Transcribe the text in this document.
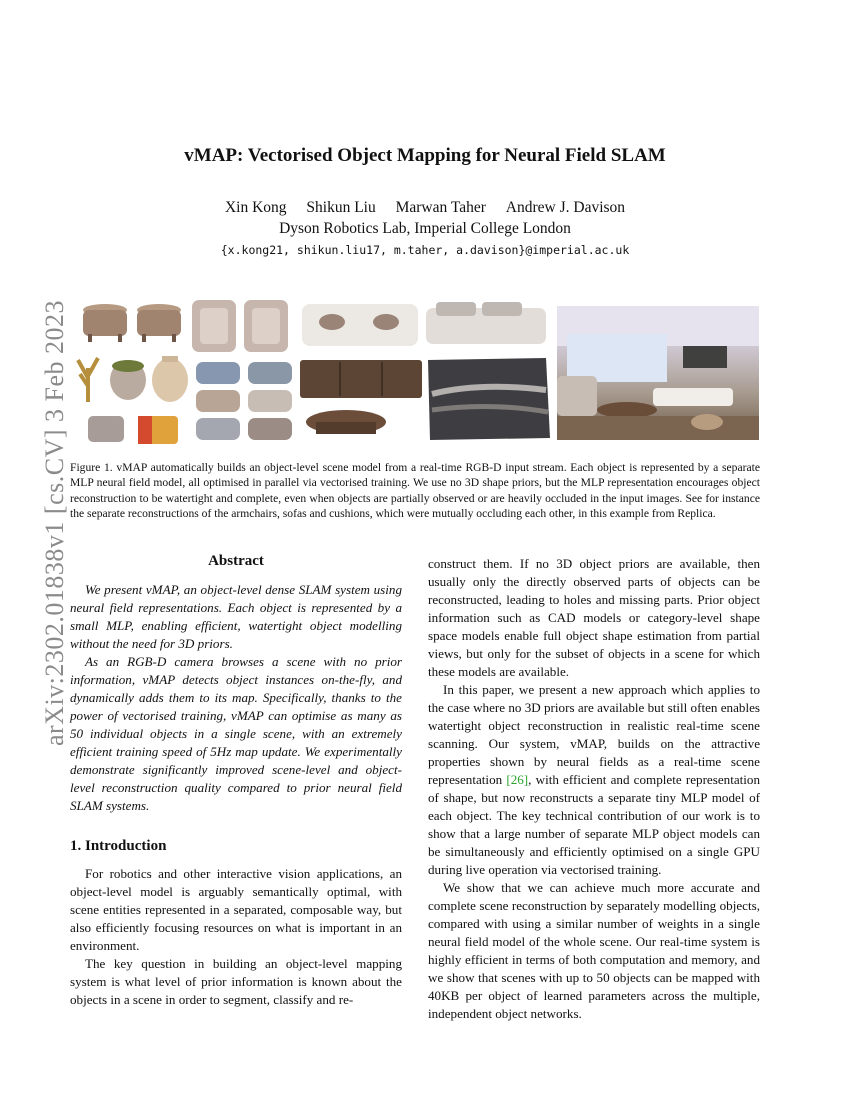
arXiv:2302.01838v1 [cs.CV] 3 Feb 2023
vMAP: Vectorised Object Mapping for Neural Field SLAM
Xin Kong Shikun Liu Marwan Taher Andrew J. Davison
Dyson Robotics Lab, Imperial College London
{x.kong21, shikun.liu17, m.taher, a.davison}@imperial.ac.uk

Figure 1. vMAP automatically builds an object-level scene model from a real-time RGB-D input stream. Each object is represented by a separate MLP neural field model, all optimised in parallel via vectorised training. We use no 3D shape priors, but the MLP representation encourages object reconstruction to be watertight and complete, even when objects are partially observed or are heavily occluded in the input images. See for instance the separate reconstructions of the armchairs, sofas and cushions, which were mutually occluding each other, in this example from Replica.

Abstract

We present vMAP, an object-level dense SLAM system using neural field representations. Each object is represented by a small MLP, enabling efficient, watertight object modelling without the need for 3D priors.

As an RGB-D camera browses a scene with no prior information, vMAP detects object instances on-the-fly, and dynamically adds them to its map. Specifically, thanks to the power of vectorised training, vMAP can optimise as many as 50 individual objects in a single scene, with an extremely efficient training speed of 5Hz map update. We experimentally demonstrate significantly improved scene-level and object-level reconstruction quality compared to prior neural field SLAM systems.

1. Introduction

For robotics and other interactive vision applications, an object-level model is arguably semantically optimal, with scene entities represented in a separated, composable way, but also efficiently focusing resources on what is important in an environment.

The key question in building an object-level mapping system is what level of prior information is known about the objects in a scene in order to segment, classify and re-

construct them. If no 3D object priors are available, then usually only the directly observed parts of objects can be reconstructed, leading to holes and missing parts. Prior object information such as CAD models or category-level shape space models enable full object shape estimation from partial views, but only for the subset of objects in a scene for which these models are available.

In this paper, we present a new approach which applies to the case where no 3D priors are available but still often enables watertight object reconstruction in realistic real-time scene scanning. Our system, vMAP, builds on the attractive properties shown by neural fields as a real-time scene representation [26], with efficient and complete representation of shape, but now reconstructs a separate tiny MLP model of each object. The key technical contribution of our work is to show that a large number of separate MLP object models can be simultaneously and efficiently optimised on a single GPU during live operation via vectorised training.

We show that we can achieve much more accurate and complete scene reconstruction by separately modelling objects, compared with using a similar number of weights in a single neural field model of the whole scene. Our real-time system is highly efficient in terms of both computation and memory, and we show that scenes with up to 50 objects can be mapped with 40KB per object of learned parameters across the multiple, independent object networks.
